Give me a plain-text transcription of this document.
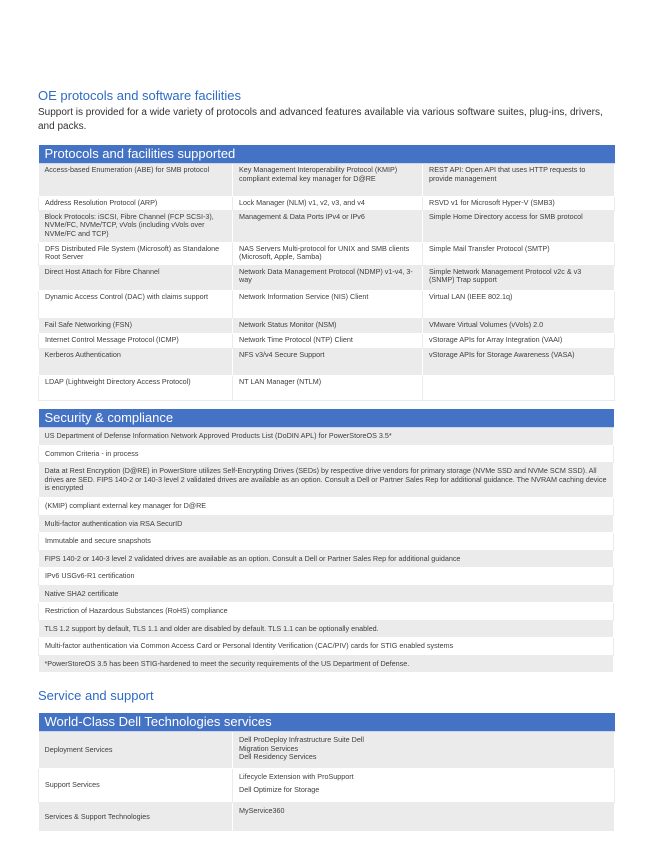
OE protocols and software facilities

Support is provided for a wide variety of protocols and advanced features available via various software suites, plug-ins, drivers, and packs.

Protocols and facilities supported		
Access-based Enumeration (ABE) for SMB protocol	Key Management Interoperability Protocol (KMIP) compliant external key manager for D@RE	REST API: Open API that uses HTTP requests to provide management
Address Resolution Protocol (ARP)	Lock Manager (NLM) v1, v2, v3, and v4	RSVD v1 for Microsoft Hyper-V (SMB3)
Block Protocols: iSCSI, Fibre Channel (FCP SCSI-3), NVMe/FC, NVMe/TCP, vVols (including vVols over NVMe/FC and TCP)	Management & Data Ports IPv4 or IPv6	Simple Home Directory access for SMB protocol
DFS Distributed File System (Microsoft) as Standalone Root Server	NAS Servers Multi-protocol for UNIX and SMB clients (Microsoft, Apple, Samba)	Simple Mail Transfer Protocol (SMTP)
Direct Host Attach for Fibre Channel	Network Data Management Protocol (NDMP) v1-v4, 3-way	Simple Network Management Protocol v2c & v3 (SNMP) Trap support
Dynamic Access Control (DAC) with claims support	Network Information Service (NIS) Client	Virtual LAN (IEEE 802.1q)
Fail Safe Networking (FSN)	Network Status Monitor (NSM)	VMware Virtual Volumes (vVols) 2.0
Internet Control Message Protocol (ICMP)	Network Time Protocol (NTP) Client	vStorage APIs for Array Integration (VAAI)
Kerberos Authentication	NFS v3/v4 Secure Support	vStorage APIs for Storage Awareness (VASA)
LDAP (Lightweight Directory Access Protocol)	NT LAN Manager (NTLM)	
Security & compliance
US Department of Defense Information Network Approved Products List (DoDIN APL) for PowerStoreOS 3.5*
Common Criteria - in process
Data at Rest Encryption (D@RE) in PowerStore utilizes Self-Encrypting Drives (SEDs) by respective drive vendors for primary storage (NVMe SSD and NVMe SCM SSD). All drives are SED. FIPS 140-2 or 140-3 level 2 validated drives are available as an option. Consult a Dell or Partner Sales Rep for additional guidance. The NVRAM caching device is encrypted
(KMIP) compliant external key manager for D@RE
Multi-factor authentication via RSA SecurID
Immutable and secure snapshots
FIPS 140-2 or 140-3 level 2 validated drives are available as an option. Consult a Dell or Partner Sales Rep for additional guidance
IPv6 USGv6-R1 certification
Native SHA2 certificate
Restriction of Hazardous Substances (RoHS) compliance
TLS 1.2 support by default, TLS 1.1 and older are disabled by default. TLS 1.1 can be optionally enabled.
Multi-factor authentication via Common Access Card or Personal Identity Verification (CAC/PIV) cards for STIG enabled systems
*PowerStoreOS 3.5 has been STIG-hardened to meet the security requirements of the US Department of Defense.
Service and support
World-Class Dell Technologies services	
Deployment Services	Dell ProDeploy Infrastructure Suite Dell
Migration Services
Dell Residency Services

Support Services	Lifecycle Extension with ProSupport
Dell Optimize for Storage

Services & Support Technologies	MyService360
